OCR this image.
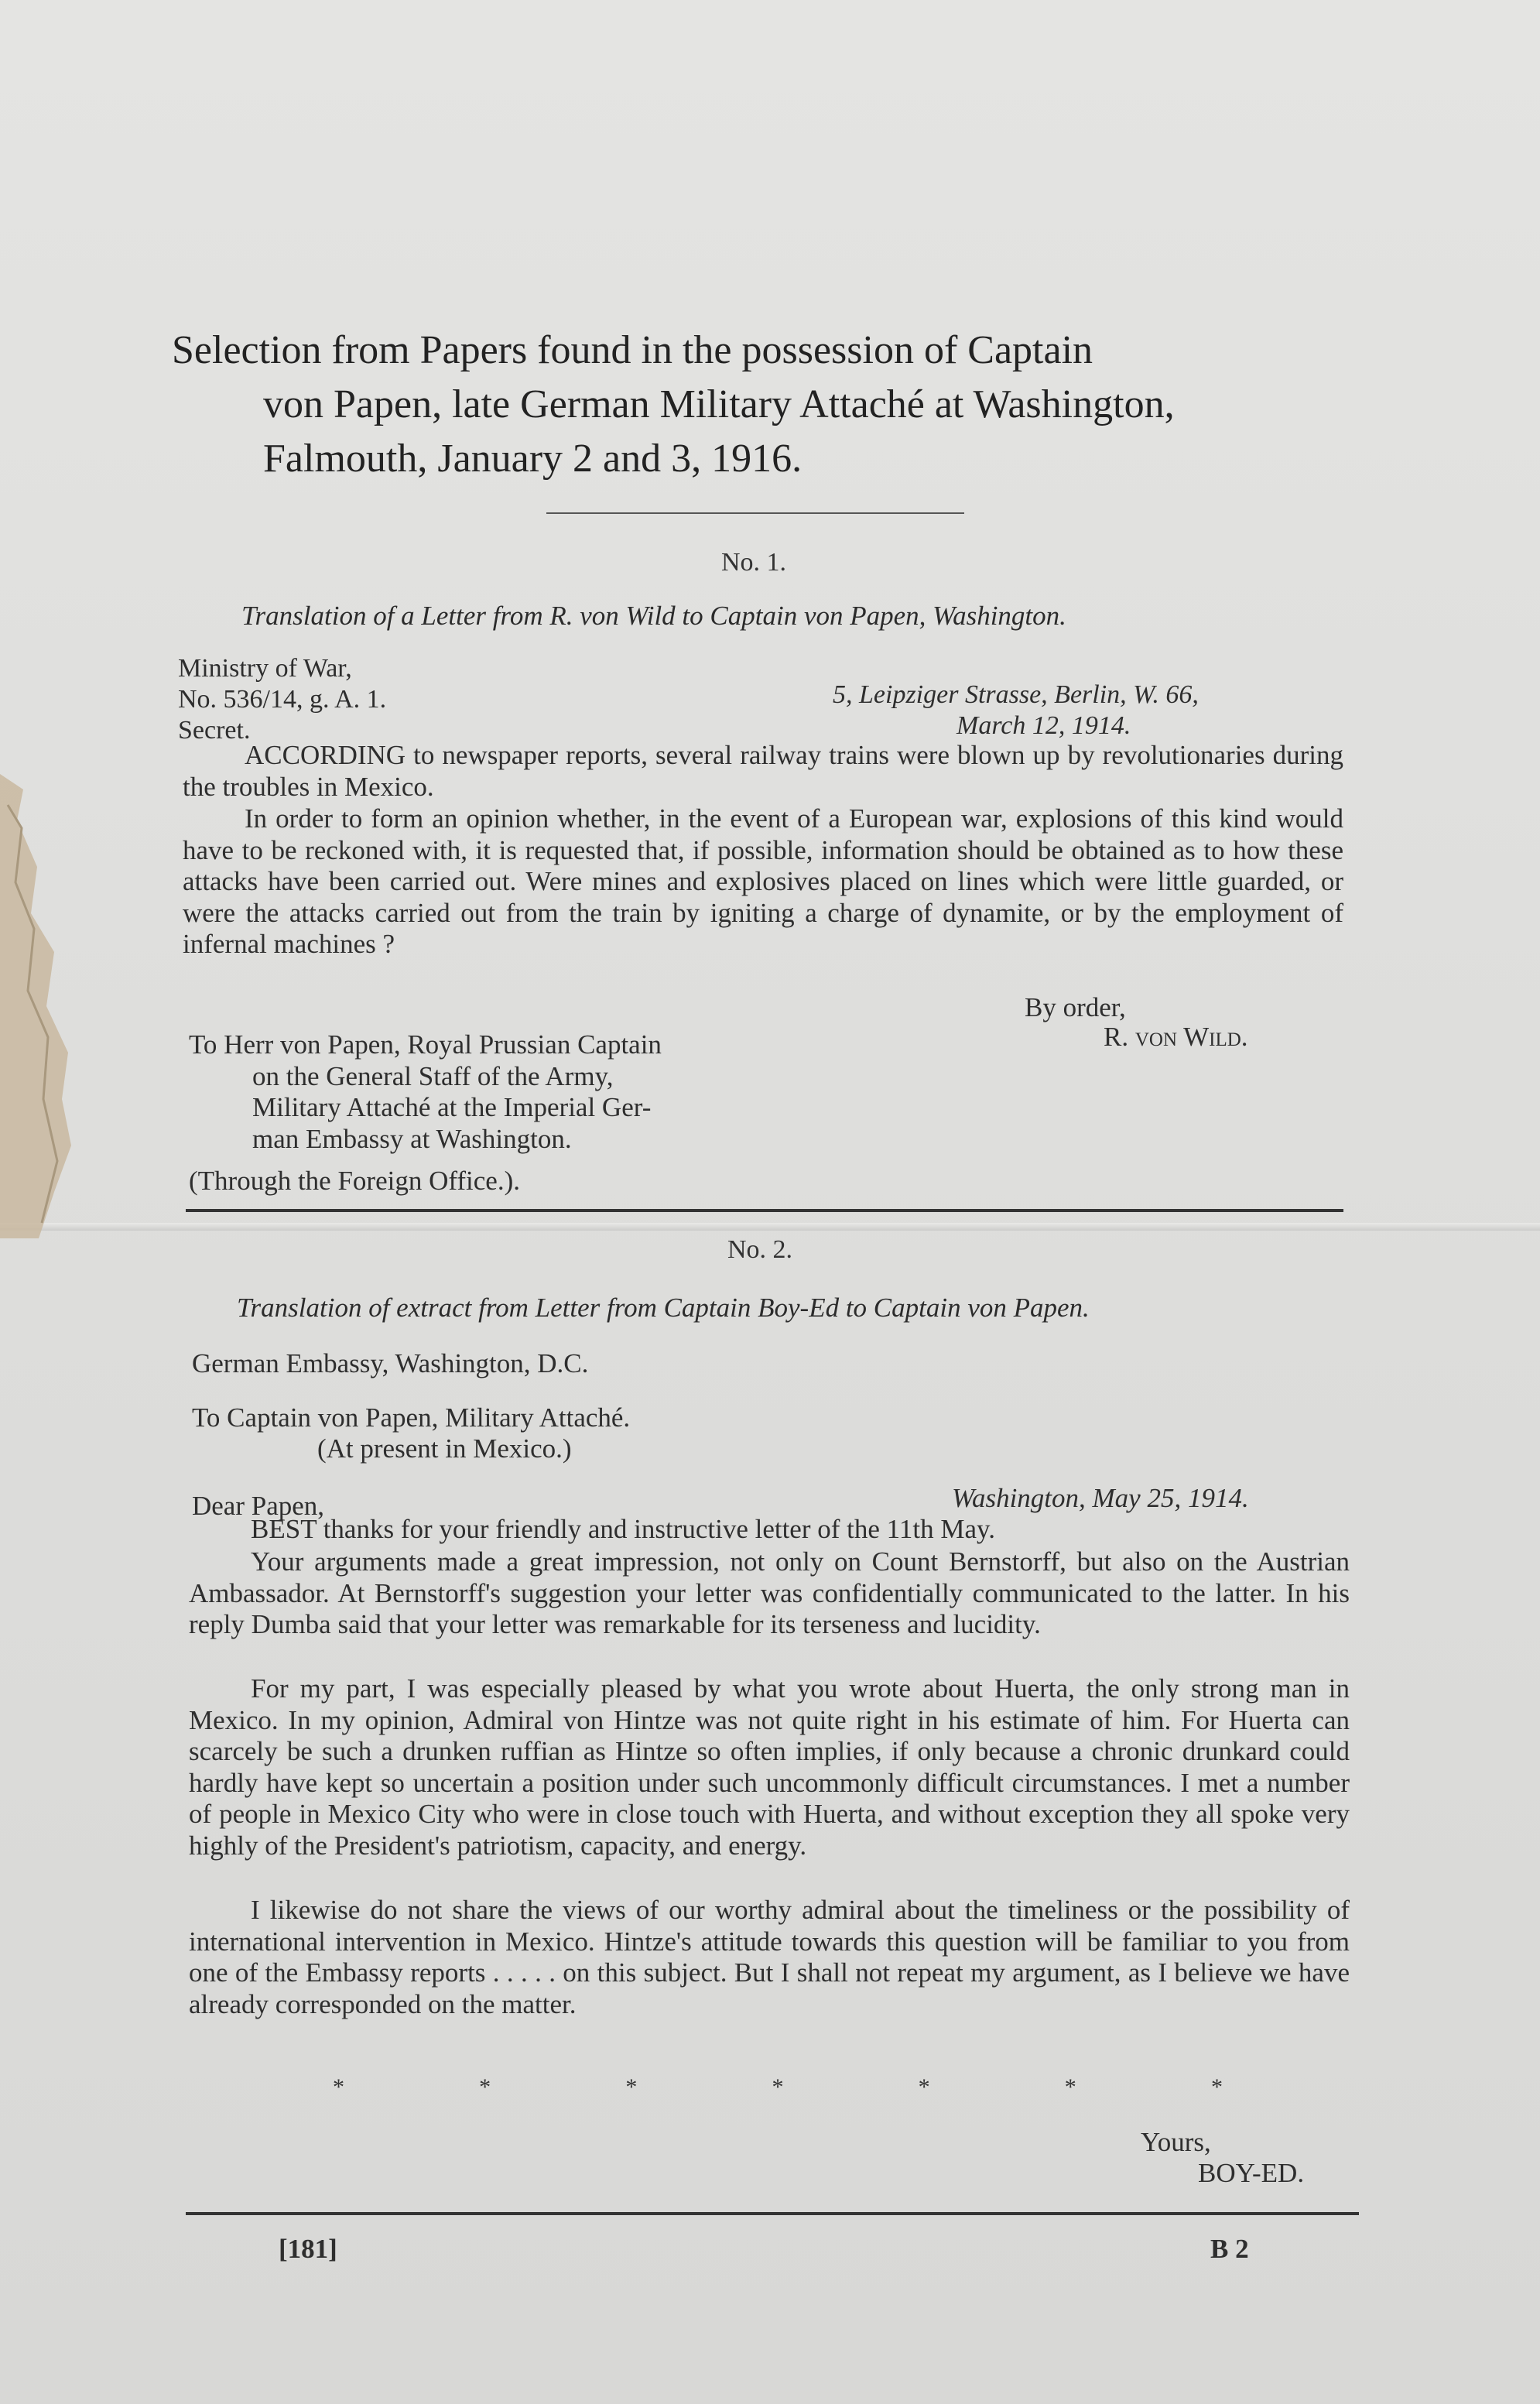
Selection from Papers found in the possession of Captain
von Papen, late German Military Attaché at Washington,
Falmouth, January 2 and 3, 1916.
No. 1.
Translation of a Letter from R. von Wild to Captain von Papen, Washington.
Ministry of War,
No. 536/14, g. A. 1.
Secret.
5, Leipziger Strasse, Berlin, W. 66,
March 12, 1914.
ACCORDING to newspaper reports, several railway trains were blown up by revolutionaries during the troubles in Mexico.
In order to form an opinion whether, in the event of a European war, explosions of this kind would have to be reckoned with, it is requested that, if possible, information should be obtained as to how these attacks have been carried out. Were mines and explosives placed on lines which were little guarded, or were the attacks carried out from the train by igniting a charge of dynamite, or by the employment of infernal machines ?
By order,
R. von Wild.
To Herr von Papen, Royal Prussian Captain
on the General Staff of the Army,
Military Attaché at the Imperial Ger-
man Embassy at Washington.
(Through the Foreign Office.).
No. 2.
Translation of extract from Letter from Captain Boy-Ed to Captain von Papen.
German Embassy, Washington, D.C.
To Captain von Papen, Military Attaché.
(At present in Mexico.)
Dear Papen,	Washington, May 25, 1914.
BEST thanks for your friendly and instructive letter of the 11th May.
Your arguments made a great impression, not only on Count Bernstorff, but also on the Austrian Ambassador. At Bernstorff's suggestion your letter was confidentially communicated to the latter. In his reply Dumba said that your letter was remarkable for its terseness and lucidity.
For my part, I was especially pleased by what you wrote about Huerta, the only strong man in Mexico. In my opinion, Admiral von Hintze was not quite right in his estimate of him. For Huerta can scarcely be such a drunken ruffian as Hintze so often implies, if only because a chronic drunkard could hardly have kept so uncertain a position under such uncommonly difficult circumstances. I met a number of people in Mexico City who were in close touch with Huerta, and without exception they all spoke very highly of the President's patriotism, capacity, and energy.
I likewise do not share the views of our worthy admiral about the timeliness or the possibility of international intervention in Mexico. Hintze's attitude towards this question will be familiar to you from one of the Embassy reports . . . . . on this subject. But I shall not repeat my argument, as I believe we have already corresponded on the matter.
*	*	*	*	*	*	*
Yours,
BOY-ED.
[181]	B 2
